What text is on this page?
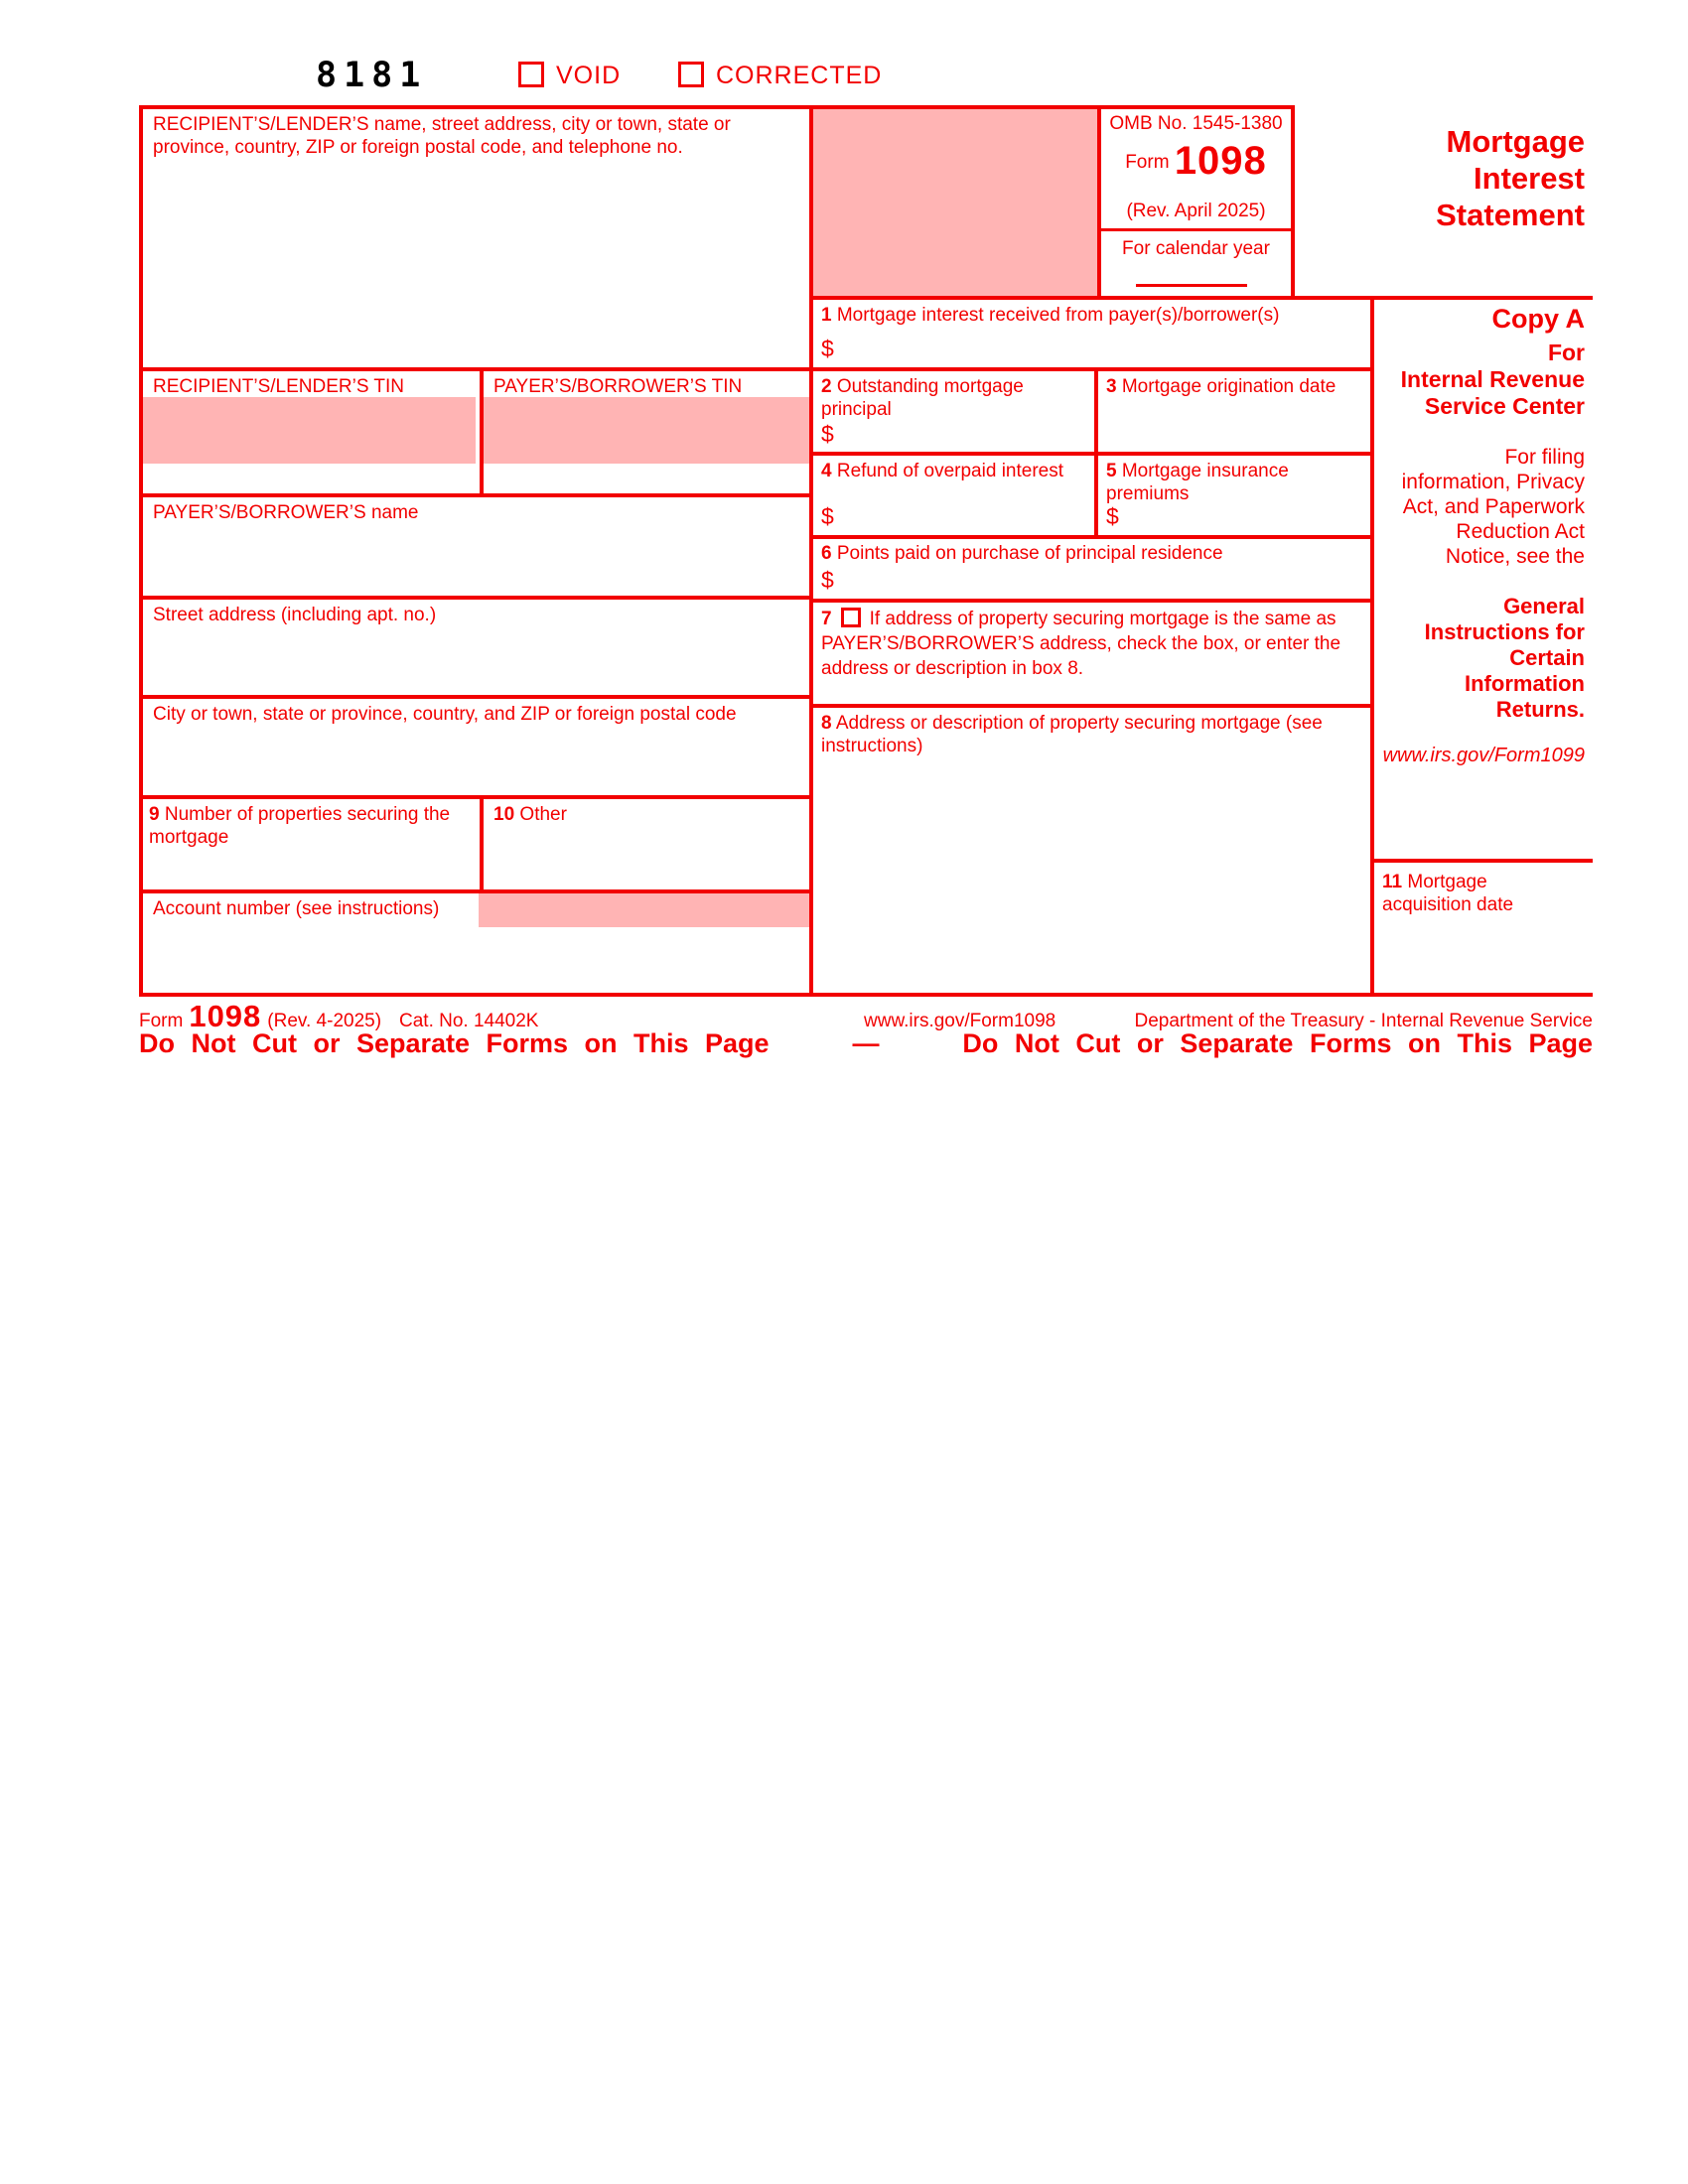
8181	VOID	CORRECTED
RECIPIENT’S/LENDER’S name, street address, city or town, state or province, country, ZIP or foreign postal code, and telephone no.
RECIPIENT’S/LENDER’S TIN	PAYER’S/BORROWER’S TIN
PAYER’S/BORROWER’S name
Street address (including apt. no.)
City or town, state or province, country, and ZIP or foreign postal code
9 Number of properties securing the mortgage
10 Other
Account number (see instructions)
OMB No. 1545-1380
Form 1098
(Rev. April 2025)
For calendar year
1 Mortgage interest received from payer(s)/borrower(s)
$
2 Outstanding mortgage principal
$
3 Mortgage origination date
4 Refund of overpaid interest
$
5 Mortgage insurance premiums
$
6 Points paid on purchase of principal residence
$
7 If address of property securing mortgage is the same as PAYER’S/BORROWER’S address, check the box, or enter the address or description in box 8.
8 Address or description of property securing mortgage (see instructions)
Mortgage
Interest
Statement
Copy A
For
Internal Revenue
Service Center
For filing information, Privacy Act, and Paperwork Reduction Act Notice, see the
General Instructions for Certain Information Returns.
www.irs.gov/Form1099
11 Mortgage acquisition date
Form 1098 (Rev. 4-2025) Cat. No. 14402K	www.irs.gov/Form1098	Department of the Treasury - Internal Revenue Service
Do Not Cut or Separate Forms on This Page	—	Do Not Cut or Separate Forms on This Page
